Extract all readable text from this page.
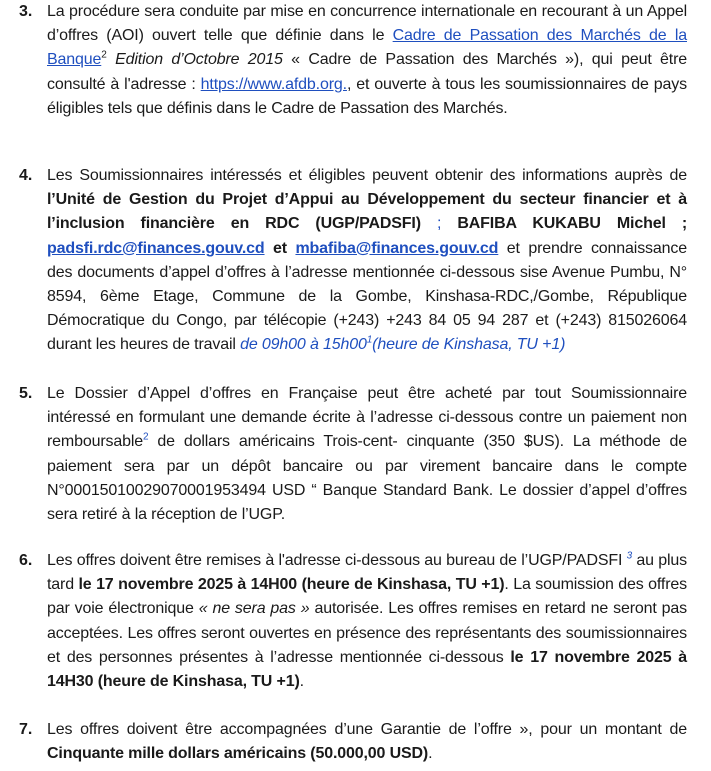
3. La procédure sera conduite par mise en concurrence internationale en recourant à un Appel d’offres (AOI) ouvert telle que définie dans le Cadre de Passation des Marchés de la Banque$^2$ Edition d’Octobre 2015 « Cadre de Passation des Marchés »), qui peut être consulté à l'adresse : https://www.afdb.org., et ouverte à tous les soumissionnaires de pays éligibles tels que définis dans le Cadre de Passation des Marchés.
4. Les Soumissionnaires intéressés et éligibles peuvent obtenir des informations auprès de l’Unité de Gestion du Projet d’Appui au Développement du secteur financier et à l’inclusion financière en RDC (UGP/PADSFI) ; BAFIBA KUKABU Michel ; padsfi.rdc@finances.gouv.cd et mbafiba@finances.gouv.cd et prendre connaissance des documents d’appel d’offres à l’adresse mentionnée ci-dessous sise Avenue Pumbu, N° 8594, 6ème Etage, Commune de la Gombe, Kinshasa-RDC,/Gombe, République Démocratique du Congo, par télécopie (+243) +243 84 05 94 287 et (+243) 815026064 durant les heures de travail de 09h00 à $15h00^1(heure$ de Kinshasa, TU +1)
5. Le Dossier d’Appel d’offres en Française peut être acheté par tout Soumissionnaire intéressé en formulant une demande écrite à l’adresse ci-dessous contre un paiement non remboursable$^2$ de dollars américains Trois-cent- cinquante (350 $US). La méthode de paiement sera par un dépôt bancaire ou par virement bancaire dans le compte N°00015010029070001953494 USD “ Banque Standard Bank. Le dossier d’appel d’offres sera retiré à la réception de l’UGP.
6. Les offres doivent être remises à l'adresse ci-dessous au bureau de l’UGP/PADSFI $^3$ au plus tard le 17 novembre 2025 à 14H00 (heure de Kinshasa, TU +1). La soumission des offres par voie électronique « ne sera pas » autorisée. Les offres remises en retard ne seront pas acceptées. Les offres seront ouvertes en présence des représentants des soumissionnaires et des personnes présentes à l’adresse mentionnée ci-dessous le 17 novembre 2025 à 14H30 (heure de Kinshasa, TU +1).
7. Les offres doivent être accompagnées d’une Garantie de l’offre », pour un montant de Cinquante mille dollars américains (50.000,00 USD).
